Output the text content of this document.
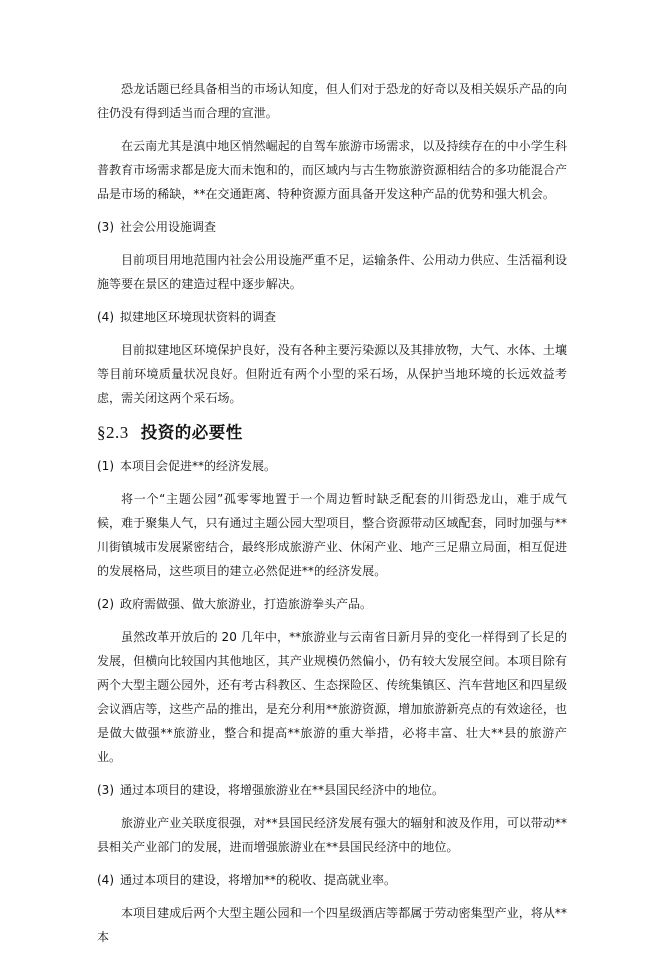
恐龙话题已经具备相当的市场认知度，但人们对于恐龙的好奇以及相关娱乐产品的向往仍没有得到适当而合理的宣泄。

在云南尤其是滇中地区悄然崛起的自驾车旅游市场需求，以及持续存在的中小学生科普教育市场需求都是庞大而未饱和的，而区域内与古生物旅游资源相结合的多功能混合产品是市场的稀缺，**在交通距离、特种资源方面具备开发这种产品的优势和强大机会。

(3) 社会公用设施调查

目前项目用地范围内社会公用设施严重不足，运输条件、公用动力供应、生活福利设施等要在景区的建造过程中逐步解决。

(4) 拟建地区环境现状资料的调查

目前拟建地区环境保护良好，没有各种主要污染源以及其排放物，大气、水体、土壤等目前环境质量状况良好。但附近有两个小型的采石场，从保护当地环境的长远效益考虑，需关闭这两个采石场。

§2.3 投资的必要性

(1) 本项目会促进**的经济发展。

将一个“主题公园”孤零零地置于一个周边暂时缺乏配套的川街恐龙山，难于成气候，难于聚集人气，只有通过主题公园大型项目，整合资源带动区域配套，同时加强与**川街镇城市发展紧密结合，最终形成旅游产业、休闲产业、地产三足鼎立局面，相互促进的发展格局，这些项目的建立必然促进**的经济发展。

(2) 政府需做强、做大旅游业，打造旅游拳头产品。

虽然改革开放后的 20 几年中，**旅游业与云南省日新月异的变化一样得到了长足的发展，但横向比较国内其他地区，其产业规模仍然偏小，仍有较大发展空间。本项目除有两个大型主题公园外，还有考古科教区、生态探险区、传统集镇区、汽车营地区和四星级会议酒店等，这些产品的推出，是充分利用**旅游资源，增加旅游新亮点的有效途径，也是做大做强**旅游业，整合和提高**旅游的重大举措，必将丰富、壮大**县的旅游产业。

(3) 通过本项目的建设，将增强旅游业在**县国民经济中的地位。

旅游业产业关联度很强，对**县国民经济发展有强大的辐射和波及作用，可以带动**县相关产业部门的发展，进而增强旅游业在**县国民经济中的地位。

(4) 通过本项目的建设，将增加**的税收、提高就业率。

本项目建成后两个大型主题公园和一个四星级酒店等都属于劳动密集型产业，将从**本
